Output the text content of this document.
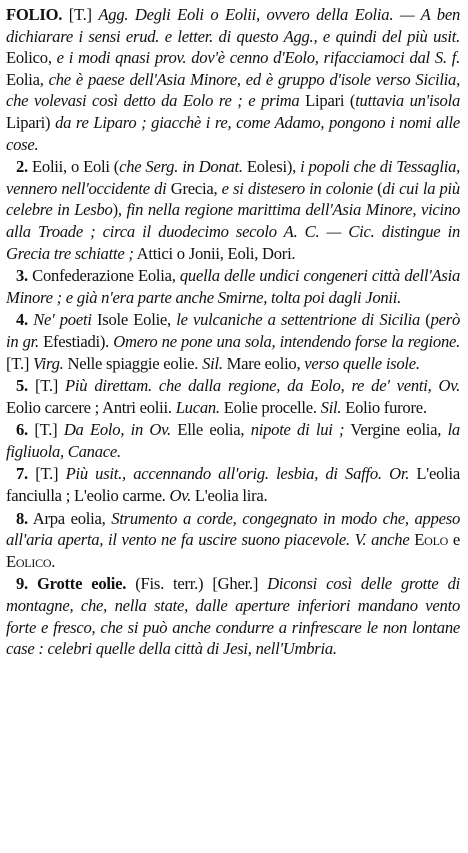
FOLIO. [T.] Agg. Degli Eoli o Eolii, ovvero della Eolia. — A ben dichiarare i sensi erud. e letter. di questo Agg., e quindi del più usit. Eolico, e i modi qnasi prov. dov'è cenno d'Eolo, rifacciamoci dal S. f. Eolia, che è paese dell'Asia Minore, ed è gruppo d'isole verso Sicilia, che volevasi così detto da Eolo re ; e prima Lipari (tuttavia un'isola Lipari) da re Liparo ; giacchè i re, come Adamo, pongono i nomi alle cose.

2. Eolii, o Eoli (che Serg. in Donat. Eolesi), i popoli che di Tessaglia, vennero nell'occidente di Grecia, e si distesero in colonie (di cui la più celebre in Lesbo), fin nella regione marittima dell'Asia Minore, vicino alla Troade ; circa il duodecimo secolo A. C. — Cic. distingue in Grecia tre schiatte ; Attici o Jonii, Eoli, Dori.

3. Confederazione Eolia, quella delle undici congeneri città dell'Asia Minore ; e già n'era parte anche Smirne, tolta poi dagli Jonii.

4. Ne' poeti Isole Eolie, le vulcaniche a settentrione di Sicilia (però in gr. Efestiadi). Omero ne pone una sola, intendendo forse la regione. [T.] Virg. Nelle spiaggie eolie. Sil. Mare eolio, verso quelle isole.

5. [T.] Più direttam. che dalla regione, da Eolo, re de' venti, Ov. Eolio carcere ; Antri eolii. Lucan. Eolie procelle. Sil. Eolio furore.

6. [T.] Da Eolo, in Ov. Elle eolia, nipote di lui ; Vergine eolia, la figliuola, Canace.

7. [T.] Più usit., accennando all'orig. lesbia, di Saffo. Or. L'eolia fanciulla ; L'eolio carme. Ov. L'eolia lira.

8. Arpa eolia, Strumento a corde, congegnato in modo che, appeso all'aria aperta, il vento ne fa uscire suono piacevole. V. anche Eolo e Eolico.

9. Grotte eolie. (Fis. terr.) [Gher.] Diconsi così delle grotte di montagne, che, nella state, dalle aperture inferiori mandano vento forte e fresco, che si può anche condurre a rinfrescare le non lontane case : celebri quelle della città di Jesi, nell'Umbria.
